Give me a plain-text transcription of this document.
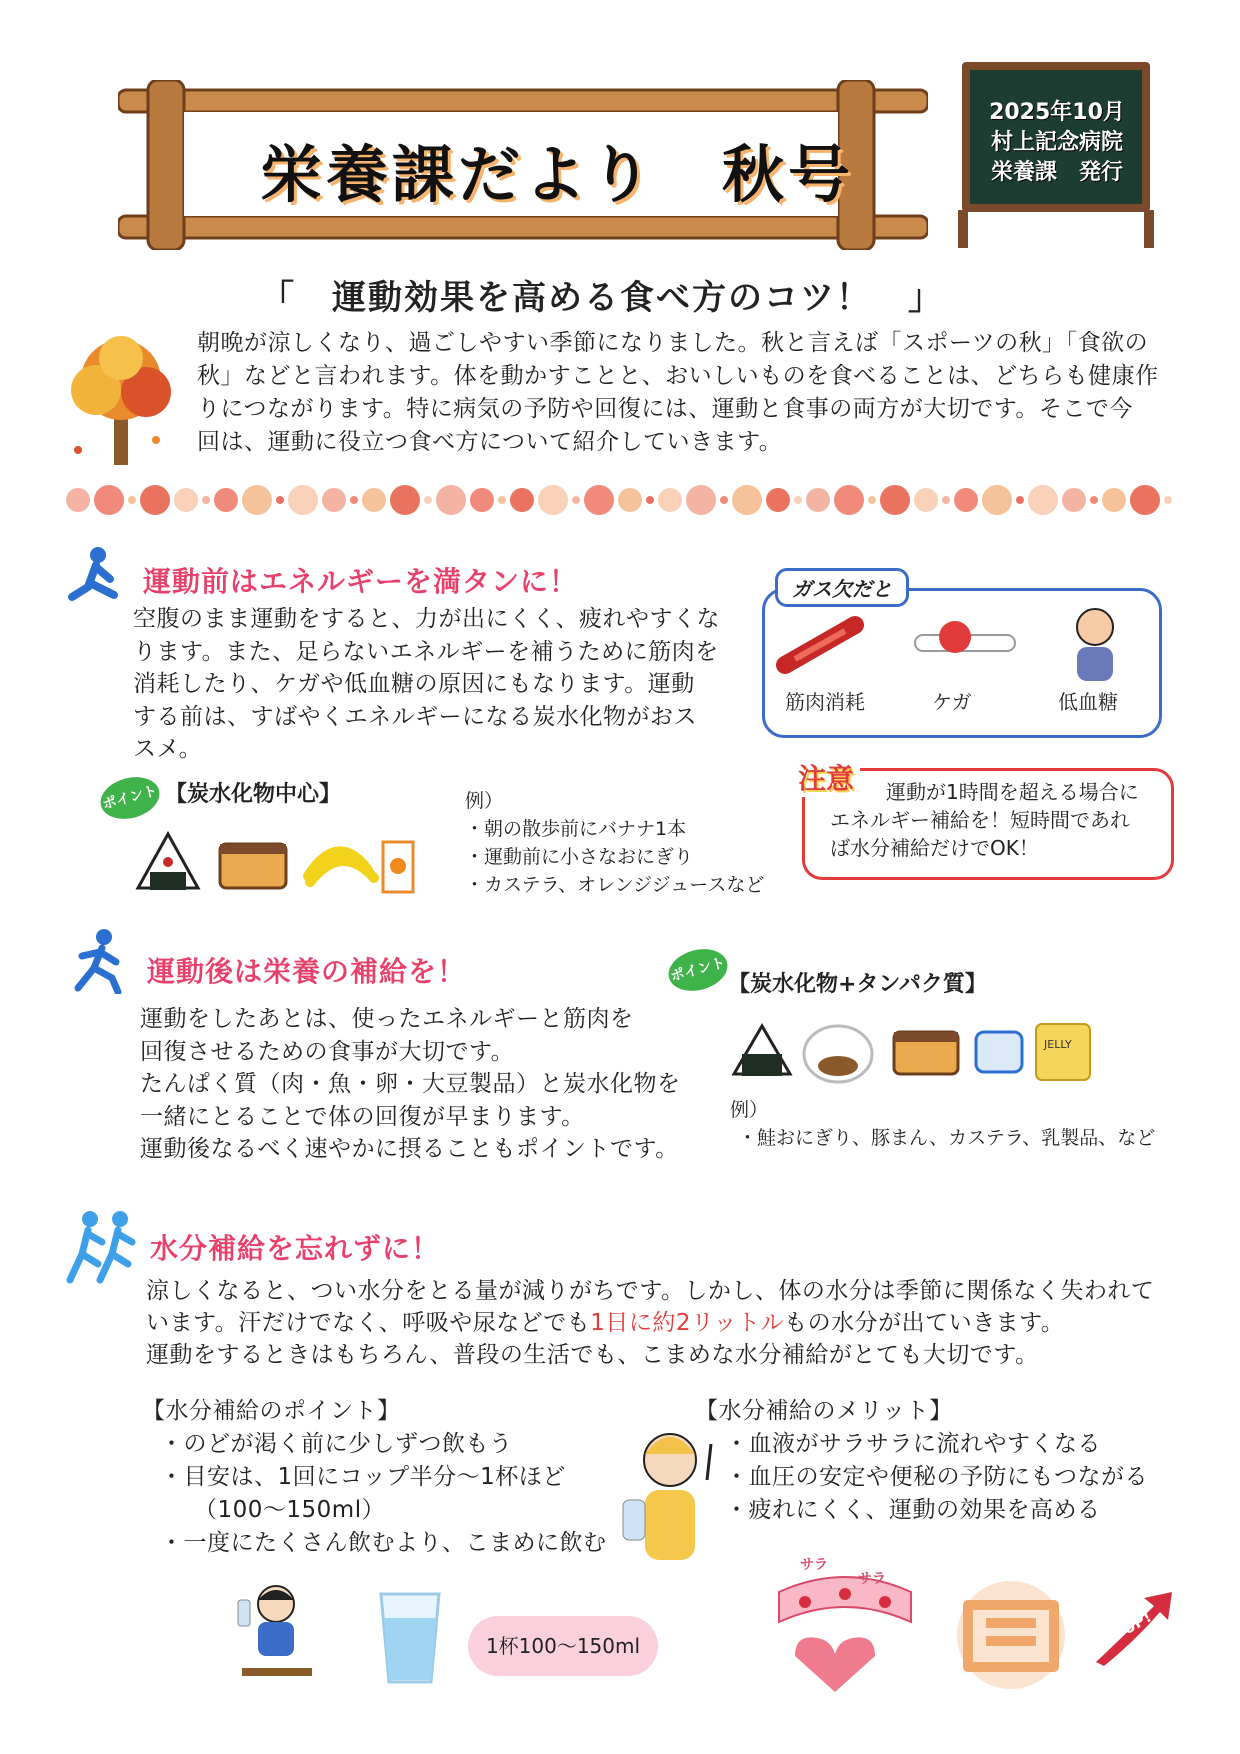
栄養課だより　秋号
2025年10月
村上記念病院
栄養課　発行
「　運動効果を高める食べ方のコツ！　」
朝晩が涼しくなり、過ごしやすい季節になりました。秋と言えば「スポーツの秋」「食欲の
秋」などと言われます。体を動かすことと、おいしいものを食べることは、どちらも健康作
りにつながります。特に病気の予防や回復には、運動と食事の両方が大切です。そこで今
回は、運動に役立つ食べ方について紹介していきます。
運動前はエネルギーを満タンに！
空腹のまま運動をすると、力が出にくく、疲れやすくな
ります。また、足らないエネルギーを補うために筋肉を
消耗したり、ケガや低血糖の原因にもなります。運動
する前は、すばやくエネルギーになる炭水化物がおス
スメ。
ポイント 【炭水化物中心】	例）
・朝の散歩前にバナナ1本
・運動前に小さなおにぎり
・カステラ、オレンジジュースなど
ガス欠だと
筋肉消耗	ケガ	低血糖
注意	運動が1時間を超える場合に
エネルギー補給を！短時間であれ
ば水分補給だけでOK！
運動後は栄養の補給を！
運動をしたあとは、使ったエネルギーと筋肉を
回復させるための食事が大切です。
たんぱく質（肉・魚・卵・大豆製品）と炭水化物を
一緒にとることで体の回復が早まります。
運動後なるべく速やかに摂ることもポイントです。
ポイント 【炭水化物+タンパク質】
JELLY
例）
・鮭おにぎり、豚まん、カステラ、乳製品、など
水分補給を忘れずに！
涼しくなると、つい水分をとる量が減りがちです。しかし、体の水分は季節に関係なく失われて
います。汗だけでなく、呼吸や尿などでも1日に約2リットルもの水分が出ていきます。
運動をするときはもちろん、普段の生活でも、こまめな水分補給がとても大切です。
【水分補給のポイント】
・のどが渇く前に少しずつ飲もう
・目安は、1回にコップ半分～1杯ほど
（100～150ml）
・一度にたくさん飲むより、こまめに飲む
【水分補給のメリット】
・血液がサラサラに流れやすくなる
・血圧の安定や便秘の予防にもつながる
・疲れにくく、運動の効果を高める
1杯100～150ml
サラ
サラ
UP!
